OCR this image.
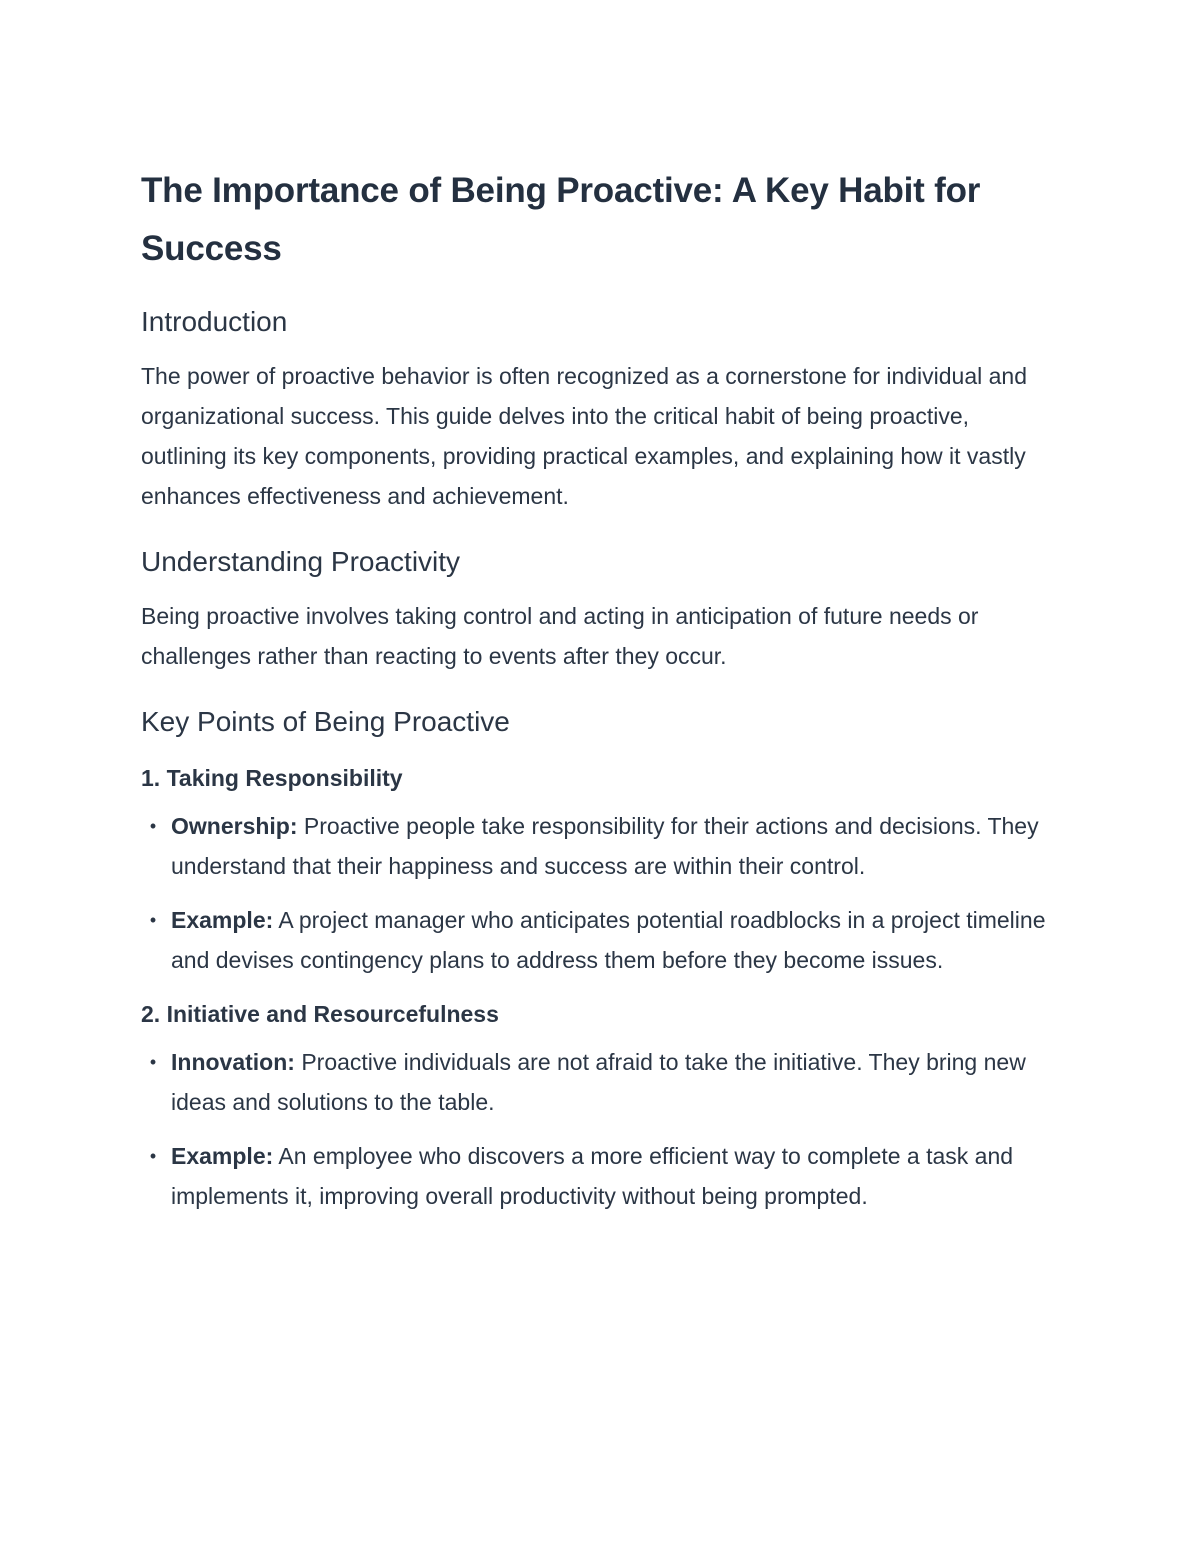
The Importance of Being Proactive: A Key Habit for Success
Introduction

The power of proactive behavior is often recognized as a cornerstone for individual and organizational success. This guide delves into the critical habit of being proactive, outlining its key components, providing practical examples, and explaining how it vastly enhances effectiveness and achievement.

Understanding Proactivity

Being proactive involves taking control and acting in anticipation of future needs or challenges rather than reacting to events after they occur.

Key Points of Being Proactive
1. Taking Responsibility
• Ownership: Proactive people take responsibility for their actions and decisions. They understand that their happiness and success are within their control.
• Example: A project manager who anticipates potential roadblocks in a project timeline and devises contingency plans to address them before they become issues.
2. Initiative and Resourcefulness
• Innovation: Proactive individuals are not afraid to take the initiative. They bring new ideas and solutions to the table.
• Example: An employee who discovers a more efficient way to complete a task and implements it, improving overall productivity without being prompted.
